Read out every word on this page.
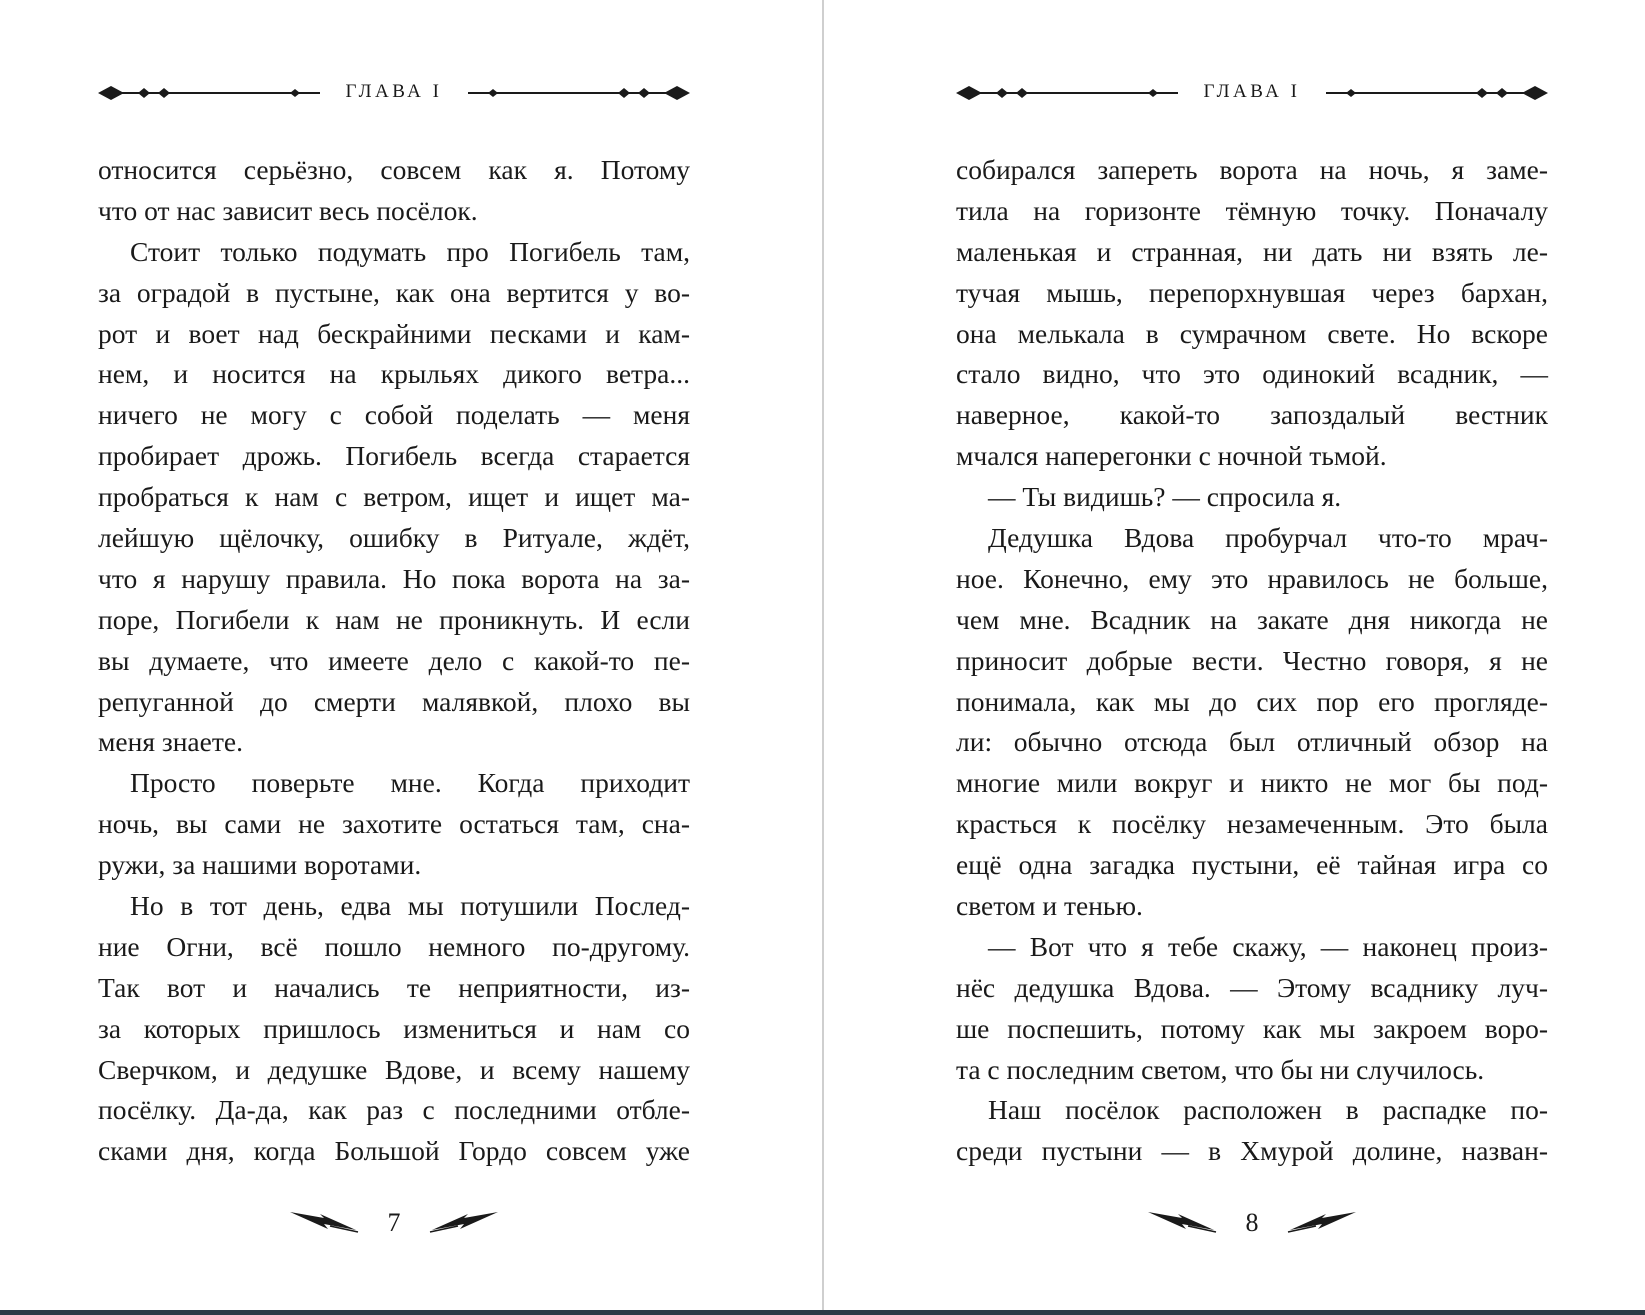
ГЛАВА I
относится серьёзно, совсем как я. Потому
что от нас зависит весь посёлок.
Стоит только подумать про Погибель там,
за оградой в пустыне, как она вертится у во-
рот и воет над бескрайними песками и кам-
нем, и носится на крыльях дикого ветра...
ничего не могу с собой поделать — меня
пробирает дрожь. Погибель всегда старается
пробраться к нам с ветром, ищет и ищет ма-
лейшую щёлочку, ошибку в Ритуале, ждёт,
что я нарушу правила. Но пока ворота на за-
поре, Погибели к нам не проникнуть. И если
вы думаете, что имеете дело с какой-то пе-
репуганной до смерти малявкой, плохо вы
меня знаете.
Просто поверьте мне. Когда приходит
ночь, вы сами не захотите остаться там, сна-
ружи, за нашими воротами.
Но в тот день, едва мы потушили Послед-
ние Огни, всё пошло немного по-другому.
Так вот и начались те неприятности, из-
за которых пришлось измениться и нам со
Сверчком, и дедушке Вдове, и всему нашему
посёлку. Да-да, как раз с последними отбле-
сками дня, когда Большой Гордо совсем уже
7
ГЛАВА I
собирался запереть ворота на ночь, я заме-
тила на горизонте тёмную точку. Поначалу
маленькая и странная, ни дать ни взять ле-
тучая мышь, перепорхнувшая через бархан,
она мелькала в сумрачном свете. Но вскоре
стало видно, что это одинокий всадник, —
наверное, какой-то запоздалый вестник
мчался наперегонки с ночной тьмой.
— Ты видишь? — спросила я.
Дедушка Вдова пробурчал что-то мрач-
ное. Конечно, ему это нравилось не больше,
чем мне. Всадник на закате дня никогда не
приносит добрые вести. Честно говоря, я не
понимала, как мы до сих пор его прогляде-
ли: обычно отсюда был отличный обзор на
многие мили вокруг и никто не мог бы под-
красться к посёлку незамеченным. Это была
ещё одна загадка пустыни, её тайная игра со
светом и тенью.
— Вот что я тебе скажу, — наконец произ-
нёс дедушка Вдова. — Этому всаднику луч-
ше поспешить, потому как мы закроем воро-
та с последним светом, что бы ни случилось.
Наш посёлок расположен в распадке по-
среди пустыни — в Хмурой долине, назван-
8
